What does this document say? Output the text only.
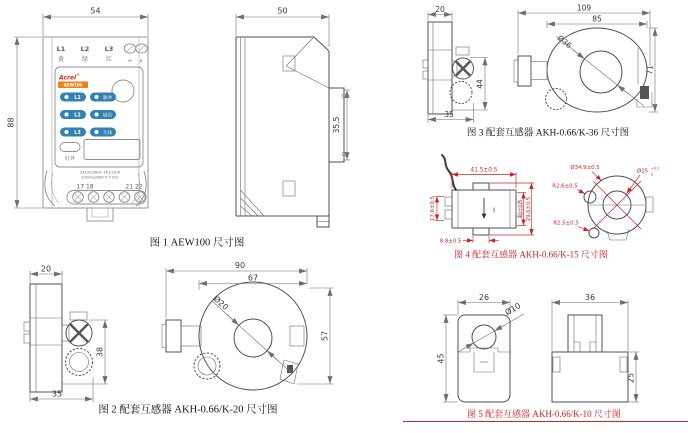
L1 L2 L3
黄	绿	红	M N
Acrel ®
AEW100
L1	脉冲
L2	通讯
L3	无线
红外
3X220/380V 3X1(20)A
200imp/kWh 0 Y 02C
17 18	21 22
54
88
50
35.5
图 1 AEW100 尺寸图
20
38
35
90
67
57
Ø20
图 2 配套互感器 AKH-0.66/K-20 尺寸图
20
44
35
109
85
71
Ø36
图 3 配套互感器 AKH-0.66/K-36 尺寸图
I
41.5±0.5
17.6±0.5
8.8±0.5
20±0.5 29.6±0.5
Ø34.9±0.5
Ø15 +0.2
0
R2.6±0.5
R2.5±0.5
图 4 配套互感器 AKH-0.66/K-15 尺寸图
26
45
Ø10
36
25
图 5 配套互感器 AKH-0.66/K-10 尺寸图
